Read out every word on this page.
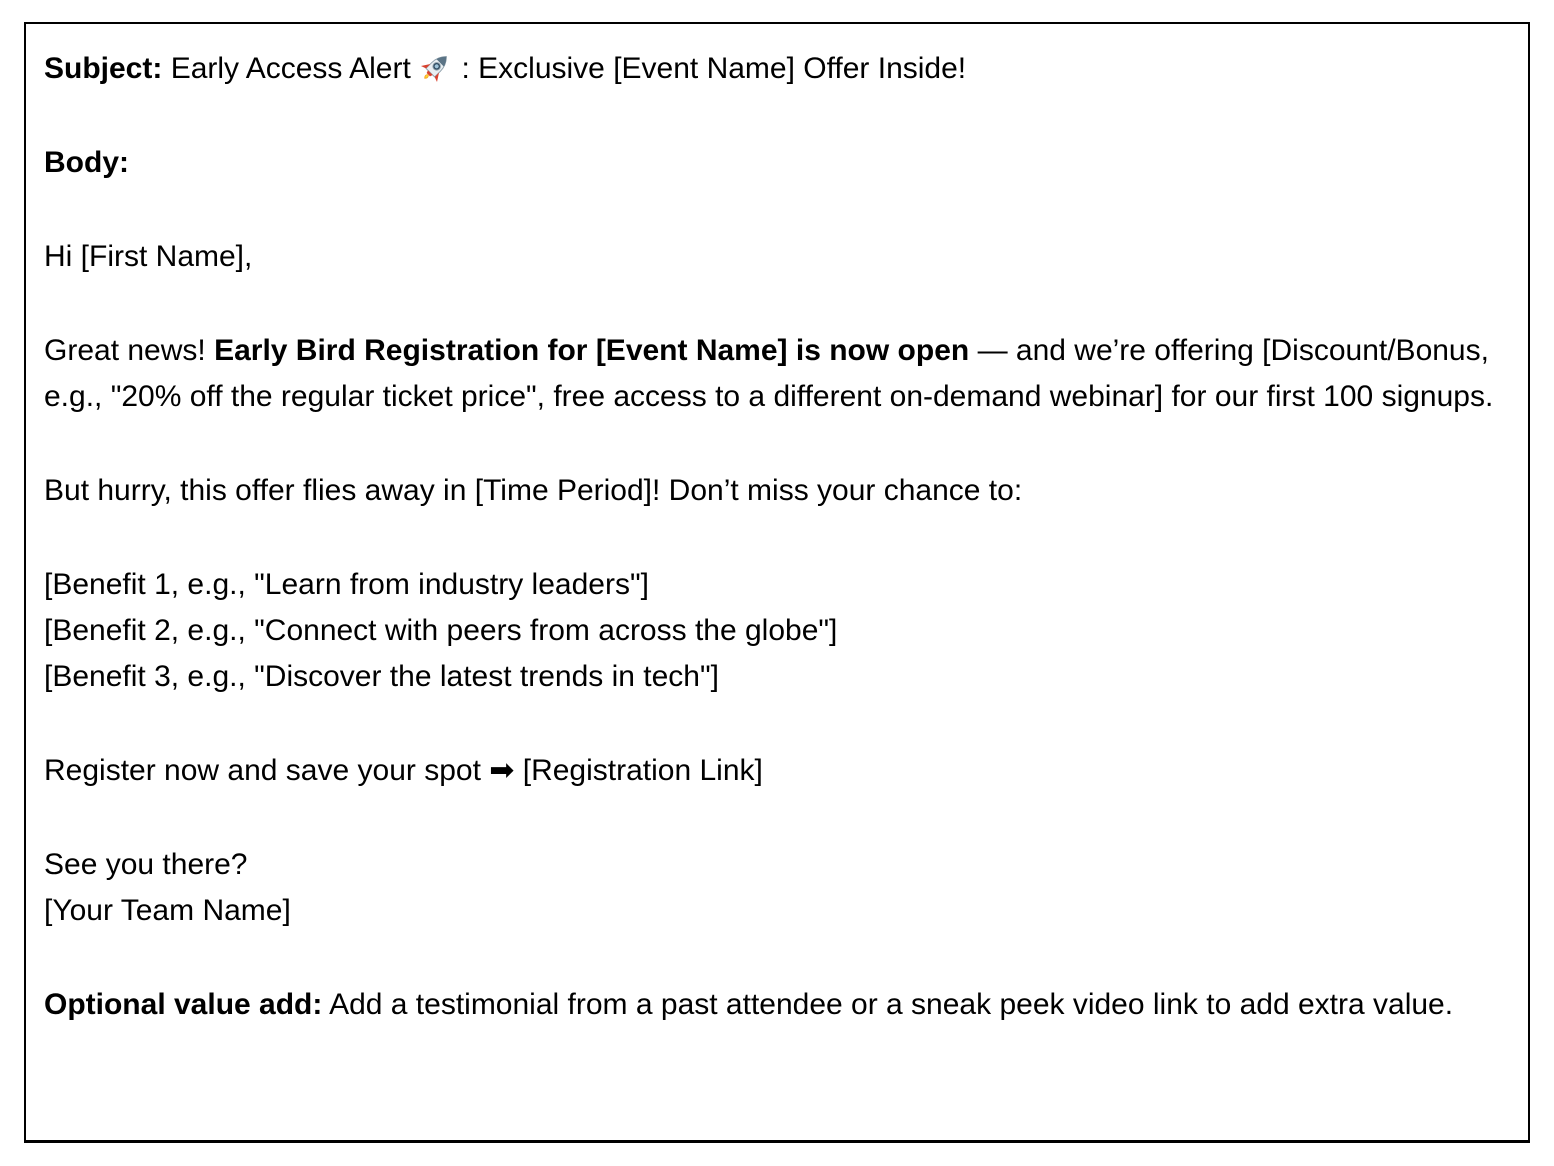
Subject: Early Access Alert : Exclusive [Event Name] Offer Inside!

Body:

Hi [First Name],

Great news! Early Bird Registration for [Event Name] is now open — and we’re offering [Discount/Bonus, e.g., "20% off the regular ticket price", free access to a different on-demand webinar] for our first 100 signups.

But hurry, this offer flies away in [Time Period]! Don’t miss your chance to:

[Benefit 1, e.g., "Learn from industry leaders"]
[Benefit 2, e.g., "Connect with peers from across the globe"]
[Benefit 3, e.g., "Discover the latest trends in tech"]

Register now and save your spot ➡ [Registration Link]

See you there?
[Your Team Name]

Optional value add: Add a testimonial from a past attendee or a sneak peek video link to add extra value.
